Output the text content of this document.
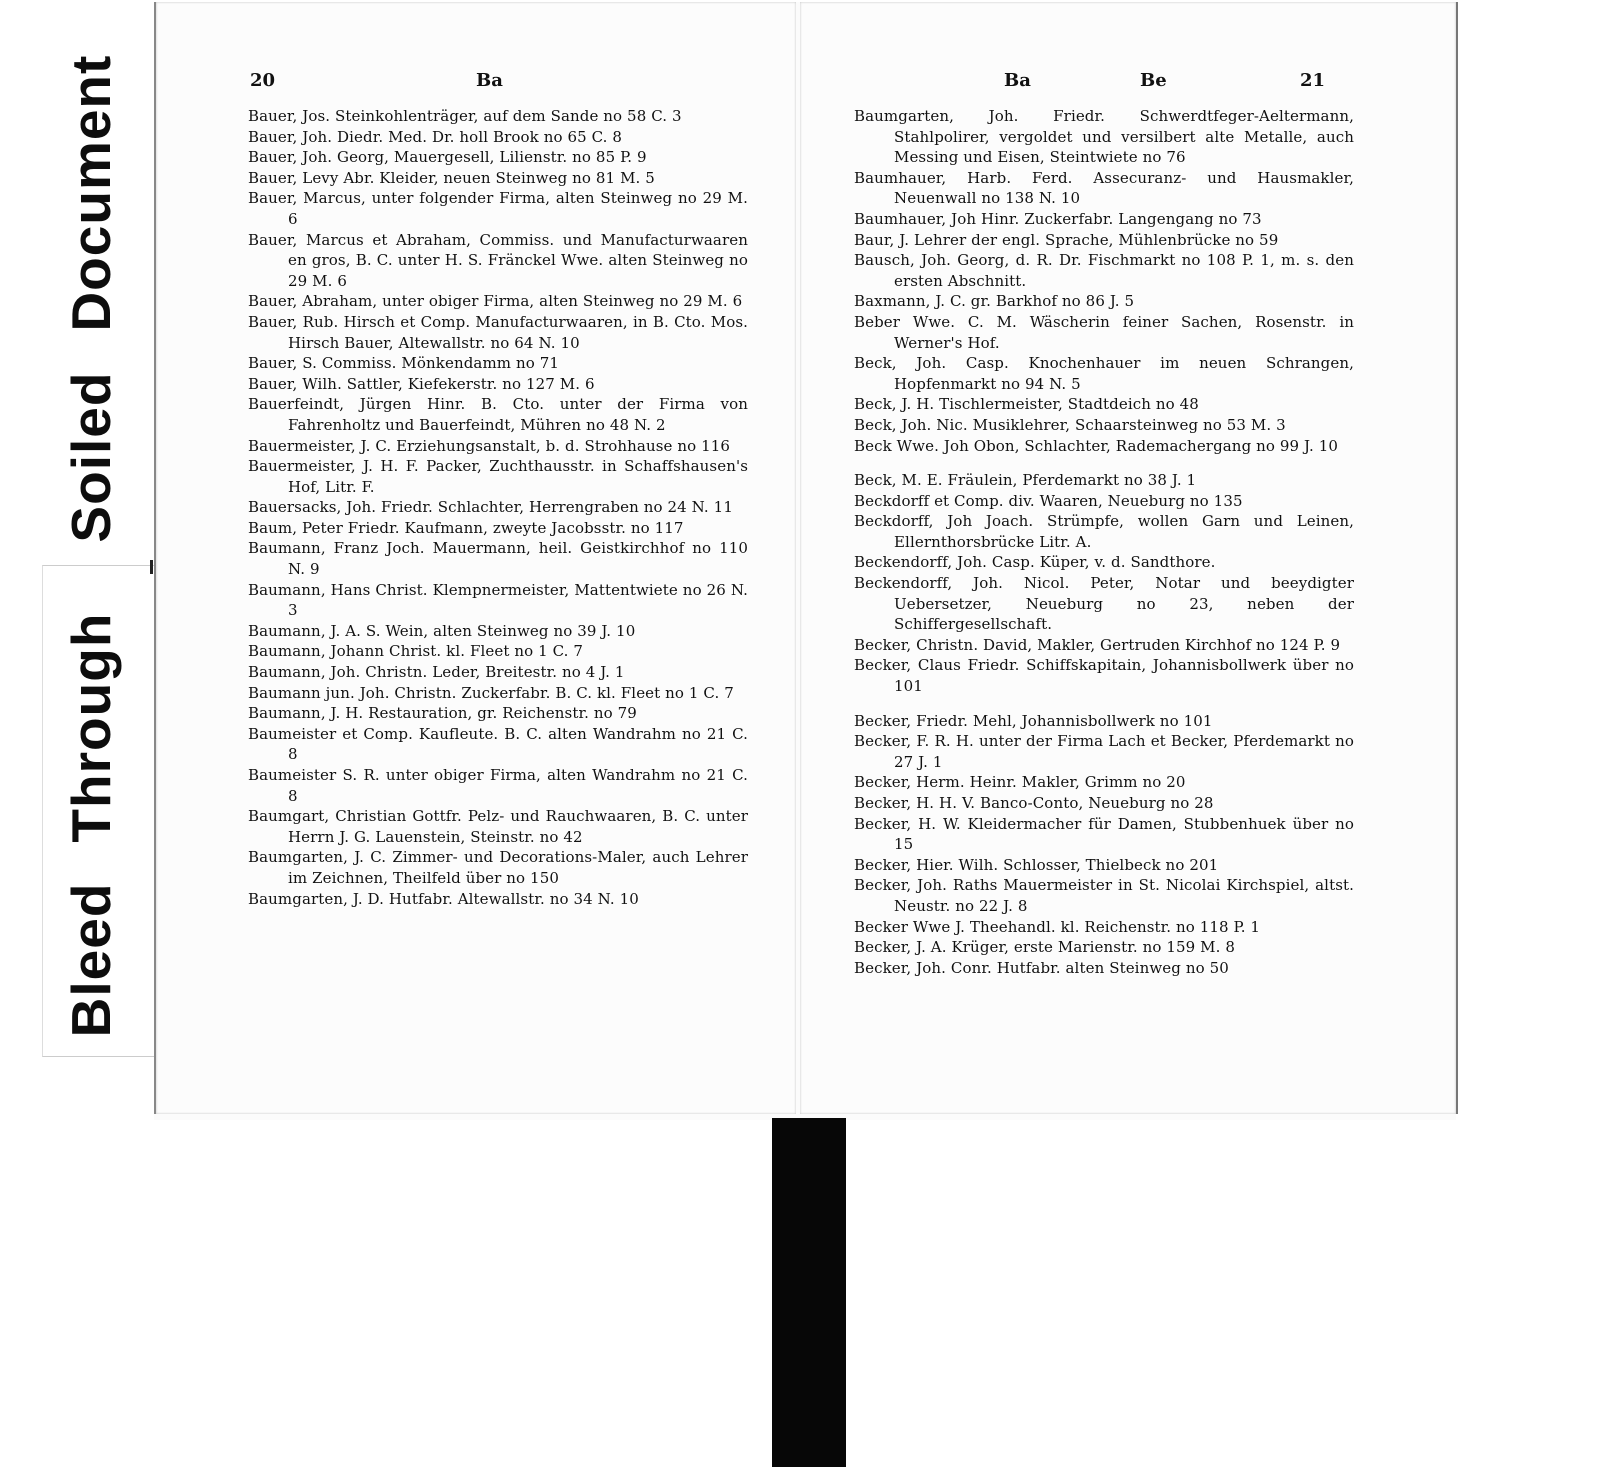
BleedThroughSoiledDocument	20	Ba

Bauer, Jos. Steinkohlenträger, auf dem Sande no 58 C. 3

Bauer, Joh. Diedr. Med. Dr. holl Brook no 65 C. 8

Bauer, Joh. Georg, Mauergesell, Lilienstr. no 85 P. 9

Bauer, Levy Abr. Kleider, neuen Steinweg no 81 M. 5

Bauer, Marcus, unter folgender Firma, alten Steinweg no 29 M. 6

Bauer, Marcus et Abraham, Commiss. und Manufacturwaaren en gros, B. C. unter H. S. Fränckel Wwe. alten Steinweg no 29 M. 6

Bauer, Abraham, unter obiger Firma, alten Steinweg no 29 M. 6

Bauer, Rub. Hirsch et Comp. Manufacturwaaren, in B. Cto. Mos. Hirsch Bauer, Altewallstr. no 64 N. 10

Bauer, S. Commiss. Mönkendamm no 71

Bauer, Wilh. Sattler, Kiefekerstr. no 127 M. 6

Bauerfeindt, Jürgen Hinr. B. Cto. unter der Firma von Fahrenholtz und Bauerfeindt, Mühren no 48 N. 2

Bauermeister, J. C. Erziehungsanstalt, b. d. Strohhause no 116

Bauermeister, J. H. F. Packer, Zuchthausstr. in Schaffshausen's Hof, Litr. F.

Bauersacks, Joh. Friedr. Schlachter, Herrengraben no 24 N. 11

Baum, Peter Friedr. Kaufmann, zweyte Jacobsstr. no 117

Baumann, Franz Joch. Mauermann, heil. Geistkirchhof no 110 N. 9

Baumann, Hans Christ. Klempnermeister, Mattentwiete no 26 N. 3

Baumann, J. A. S. Wein, alten Steinweg no 39 J. 10

Baumann, Johann Christ. kl. Fleet no 1 C. 7

Baumann, Joh. Christn. Leder, Breitestr. no 4 J. 1

Baumann jun. Joh. Christn. Zuckerfabr. B. C. kl. Fleet no 1 C. 7

Baumann, J. H. Restauration, gr. Reichenstr. no 79

Baumeister et Comp. Kaufleute. B. C. alten Wandrahm no 21 C. 8

Baumeister S. R. unter obiger Firma, alten Wandrahm no 21 C. 8

Baumgart, Christian Gottfr. Pelz- und Rauchwaaren, B. C. unter Herrn J. G. Lauenstein, Steinstr. no 42

Baumgarten, J. C. Zimmer- und Decorations-Maler, auch Lehrer im Zeichnen, Theilfeld über no 150

Baumgarten, J. D. Hutfabr. Altewallstr. no 34 N. 10

Ba	Be	21

Baumgarten, Joh. Friedr. Schwerdtfeger-Aeltermann, Stahlpolirer, vergoldet und versilbert alte Metalle, auch Messing und Eisen, Steintwiete no 76

Baumhauer, Harb. Ferd. Assecuranz- und Hausmakler, Neuenwall no 138 N. 10

Baumhauer, Joh Hinr. Zuckerfabr. Langengang no 73

Baur, J. Lehrer der engl. Sprache, Mühlenbrücke no 59

Bausch, Joh. Georg, d. R. Dr. Fischmarkt no 108 P. 1, m. s. den ersten Abschnitt.

Baxmann, J. C. gr. Barkhof no 86 J. 5

Beber Wwe. C. M. Wäscherin feiner Sachen, Rosenstr. in Werner's Hof.

Beck, Joh. Casp. Knochenhauer im neuen Schrangen, Hopfenmarkt no 94 N. 5

Beck, J. H. Tischlermeister, Stadtdeich no 48

Beck, Joh. Nic. Musiklehrer, Schaarsteinweg no 53 M. 3

Beck Wwe. Joh Obon, Schlachter, Rademachergang no 99 J. 10

Beck, M. E. Fräulein, Pferdemarkt no 38 J. 1

Beckdorff et Comp. div. Waaren, Neueburg no 135

Beckdorff, Joh Joach. Strümpfe, wollen Garn und Leinen, Ellernthorsbrücke Litr. A.

Beckendorff, Joh. Casp. Küper, v. d. Sandthore.

Beckendorff, Joh. Nicol. Peter, Notar und beeydigter Uebersetzer, Neueburg no 23, neben der Schiffergesellschaft.

Becker, Christn. David, Makler, Gertruden Kirchhof no 124 P. 9

Becker, Claus Friedr. Schiffskapitain, Johannisbollwerk über no 101

Becker, Friedr. Mehl, Johannisbollwerk no 101

Becker, F. R. H. unter der Firma Lach et Becker, Pferdemarkt no 27 J. 1

Becker, Herm. Heinr. Makler, Grimm no 20

Becker, H. H. V. Banco-Conto, Neueburg no 28

Becker, H. W. Kleidermacher für Damen, Stubbenhuek über no 15

Becker, Hier. Wilh. Schlosser, Thielbeck no 201

Becker, Joh. Raths Mauermeister in St. Nicolai Kirchspiel, altst. Neustr. no 22 J. 8

Becker Wwe J. Theehandl. kl. Reichenstr. no 118 P. 1

Becker, J. A. Krüger, erste Marienstr. no 159 M. 8

Becker, Joh. Conr. Hutfabr. alten Steinweg no 50
